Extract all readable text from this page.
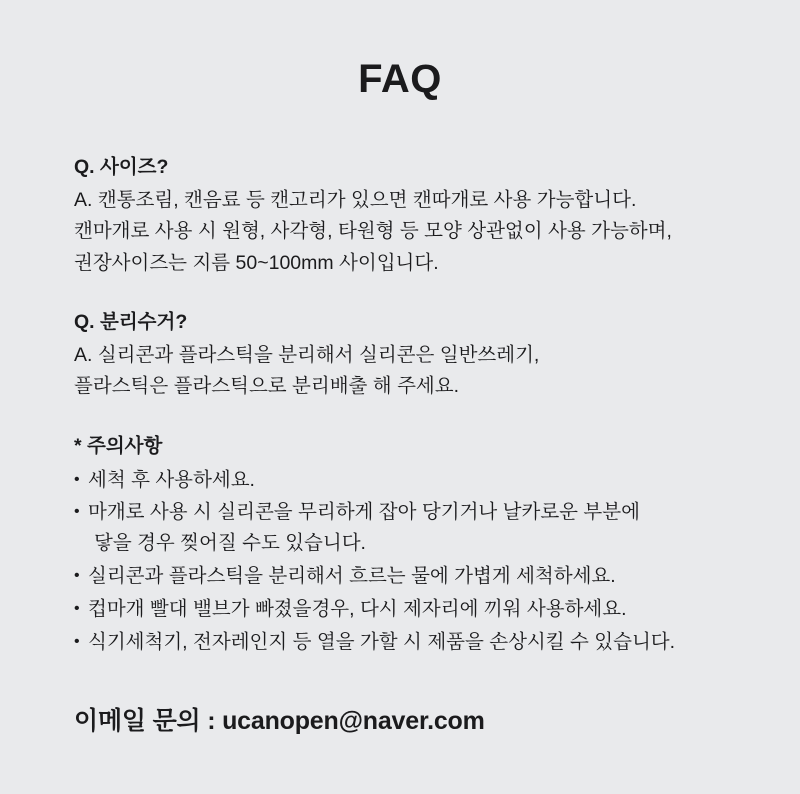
FAQ
Q. 사이즈?
A. 캔통조림, 캔음료 등 캔고리가 있으면 캔따개로 사용 가능합니다.
캔마개로 사용 시 원형, 사각형, 타원형 등 모양 상관없이 사용 가능하며,
권장사이즈는 지름 50~100mm 사이입니다.
Q. 분리수거?
A. 실리콘과 플라스틱을 분리해서 실리콘은 일반쓰레기,
플라스틱은 플라스틱으로 분리배출 해 주세요.
* 주의사항
• 세척 후 사용하세요.
• 마개로 사용 시 실리콘을 무리하게 잡아 당기거나 날카로운 부분에
닿을 경우 찢어질 수도 있습니다.
• 실리콘과 플라스틱을 분리해서 흐르는 물에 가볍게 세척하세요.
• 컵마개 빨대 밸브가 빠졌을경우, 다시 제자리에 끼워 사용하세요.
• 식기세척기, 전자레인지 등 열을 가할 시 제품을 손상시킬 수 있습니다.
이메일 문의 : ucanopen@naver.com
